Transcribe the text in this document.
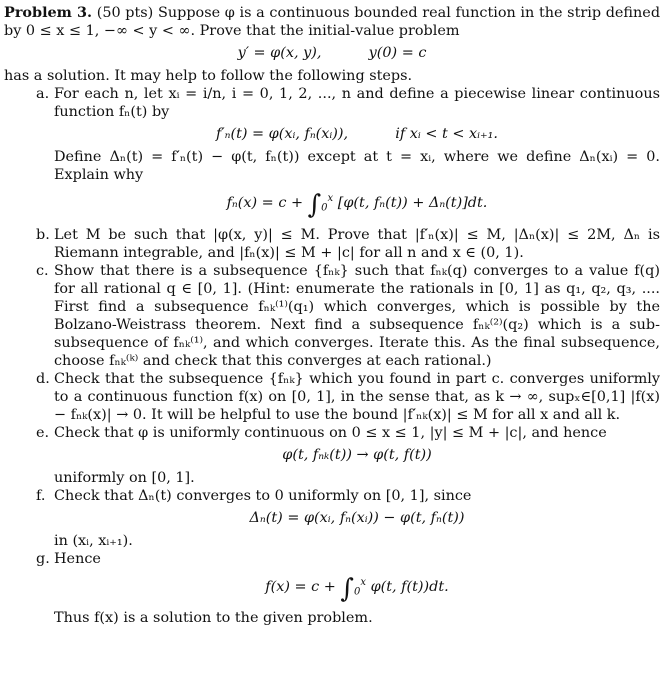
Problem 3. (50 pts) Suppose φ is a continuous bounded real function in the strip defined by 0 ≤ x ≤ 1, −∞ < y < ∞. Prove that the initial-value problem

y′ = φ(x, y),	y(0) = c

has a solution. It may help to follow the following steps.

a. For each n, let xᵢ = i/n, i = 0, 1, 2, ..., n and define a piecewise linear continuous function fₙ(t) by
f′ₙ(t) = φ(xᵢ, fₙ(xᵢ)),	if xᵢ < t < xᵢ₊₁.
Define Δₙ(t) = f′ₙ(t) − φ(t, fₙ(t)) except at t = xᵢ, where we define Δₙ(xᵢ) = 0. Explain why
$f_n(x) = c + \int_0^x$ [φ(t, fₙ(t)) + Δₙ(t)]dt.
b. Let M be such that |φ(x, y)| ≤ M. Prove that |f′ₙ(x)| ≤ M, |Δₙ(x)| ≤ 2M, Δₙ is Riemann integrable, and |fₙ(x)| ≤ M + |c| for all n and x ∈ (0, 1).
c. Show that there is a subsequence {fₙₖ} such that fₙₖ(q) converges to a value f(q) for all rational q ∈ [0, 1]. (Hint: enumerate the rationals in [0, 1] as q₁, q₂, q₃, .... First find a subsequence fₙₖ⁽¹⁾(q₁) which converges, which is possible by the Bolzano-Weistrass theorem. Next find a subsequence fₙₖ⁽²⁾(q₂) which is a sub-subsequence of fₙₖ⁽¹⁾, and which converges. Iterate this. As the final subsequence, choose fₙₖ⁽ᵏ⁾ and check that this converges at each rational.)
d. Check that the subsequence {fₙₖ} which you found in part c. converges uniformly to a continuous function f(x) on [0, 1], in the sense that, as k → ∞, supₓ∈[0,1] |f(x) − fₙₖ(x)| → 0. It will be helpful to use the bound |f′ₙₖ(x)| ≤ M for all x and all k.
e. Check that φ is uniformly continuous on 0 ≤ x ≤ 1, |y| ≤ M + |c|, and hence
φ(t, fₙₖ(t)) → φ(t, f(t))
uniformly on [0, 1].
f. Check that Δₙ(t) converges to 0 uniformly on [0, 1], since
Δₙ(t) = φ(xᵢ, fₙ(xᵢ)) − φ(t, fₙ(t))
in (xᵢ, xᵢ₊₁).
g. Hence
$f(x) = c + \int_0^x$ φ(t, f(t))dt.
Thus f(x) is a solution to the given problem.
